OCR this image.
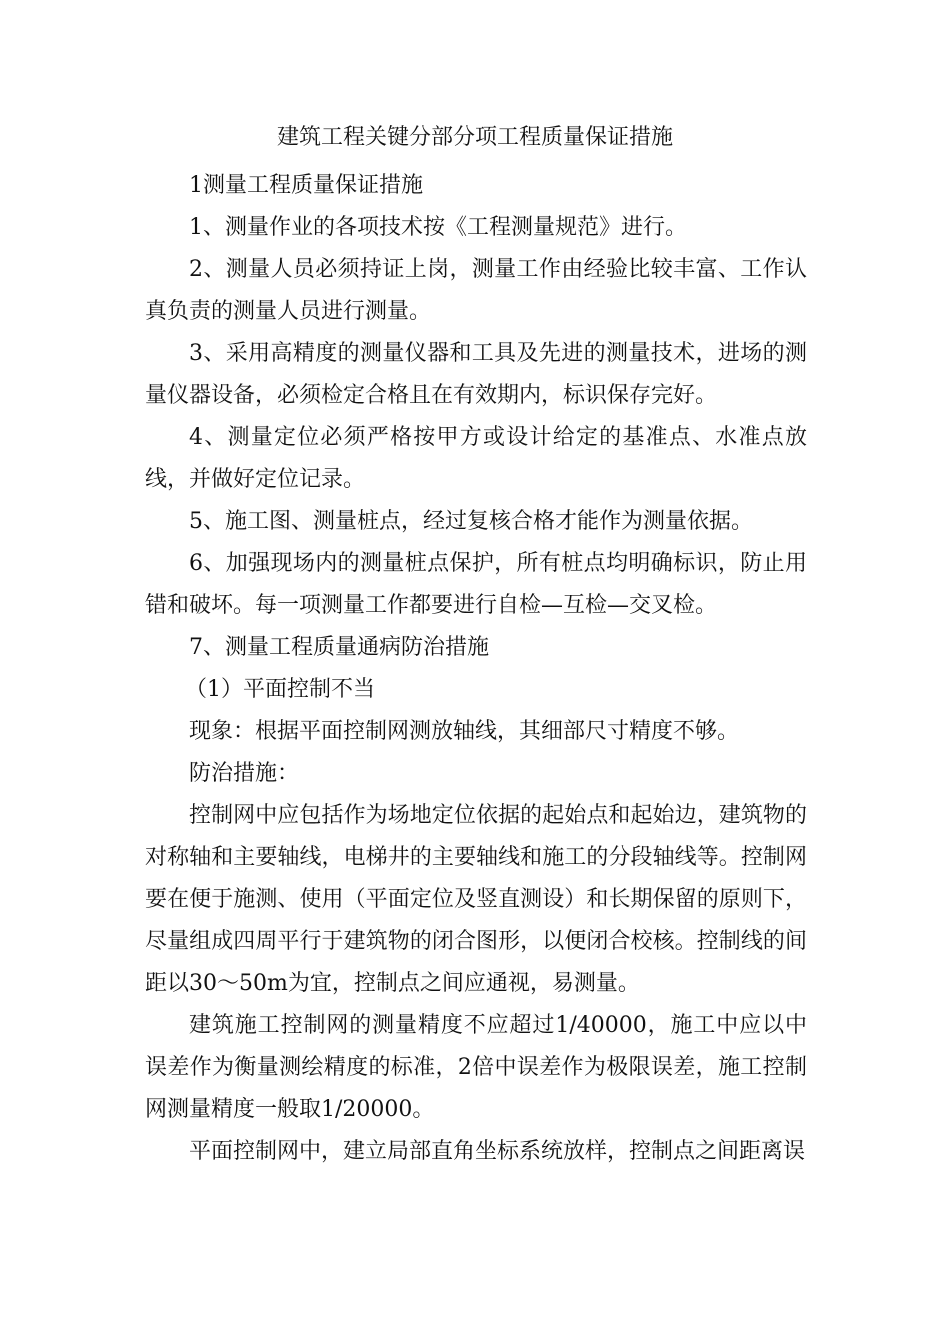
建筑工程关键分部分项工程质量保证措施

1测量工程质量保证措施

1、测量作业的各项技术按《工程测量规范》进行。

2、测量人员必须持证上岗，测量工作由经验比较丰富、工作认真负责的测量人员进行测量。

3、采用高精度的测量仪器和工具及先进的测量技术，进场的测量仪器设备，必须检定合格且在有效期内，标识保存完好。

4、测量定位必须严格按甲方或设计给定的基准点、水准点放线，并做好定位记录。

5、施工图、测量桩点，经过复核合格才能作为测量依据。

6、加强现场内的测量桩点保护，所有桩点均明确标识，防止用错和破坏。每一项测量工作都要进行自检—互检—交叉检。

7、测量工程质量通病防治措施

（1）平面控制不当

现象：根据平面控制网测放轴线，其细部尺寸精度不够。

防治措施：

控制网中应包括作为场地定位依据的起始点和起始边，建筑物的对称轴和主要轴线，电梯井的主要轴线和施工的分段轴线等。控制网要在便于施测、使用（平面定位及竖直测设）和长期保留的原则下，尽量组成四周平行于建筑物的闭合图形，以便闭合校核。控制线的间距以30～50m为宜，控制点之间应通视，易测量。

建筑施工控制网的测量精度不应超过1/40000，施工中应以中误差作为衡量测绘精度的标准，2倍中误差作为极限误差，施工控制网测量精度一般取1/20000。

平面控制网中，建立局部直角坐标系统放样，控制点之间距离误
